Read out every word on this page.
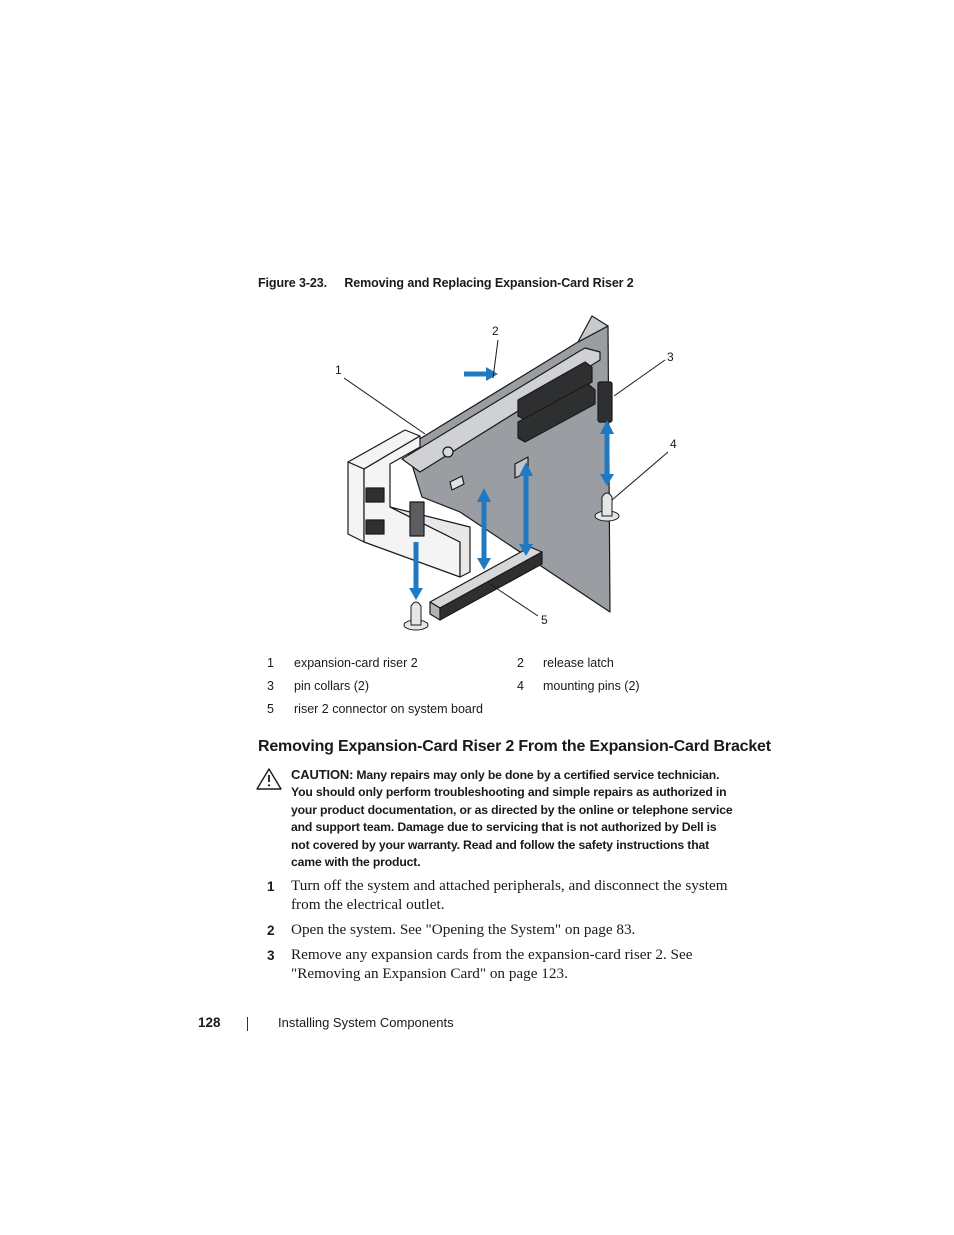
Figure 3-23. Removing and Replacing Expansion-Card Riser 2
1
2
3
4
5
1	expansion-card riser 2	2	release latch
3	pin collars (2)	4	mounting pins (2)
5	riser 2 connector on system board
Removing Expansion-Card Riser 2 From the Expansion-Card Bracket
CAUTION: Many repairs may only be done by a certified service technician. You should only perform troubleshooting and simple repairs as authorized in your product documentation, or as directed by the online or telephone service and support team. Damage due to servicing that is not authorized by Dell is not covered by your warranty. Read and follow the safety instructions that came with the product.
1 Turn off the system and attached peripherals, and disconnect the system from the electrical outlet.
2 Open the system. See "Opening the System" on page 83.
3 Remove any expansion cards from the expansion-card riser 2. See "Removing an Expansion Card" on page 123.
128	Installing System Components
